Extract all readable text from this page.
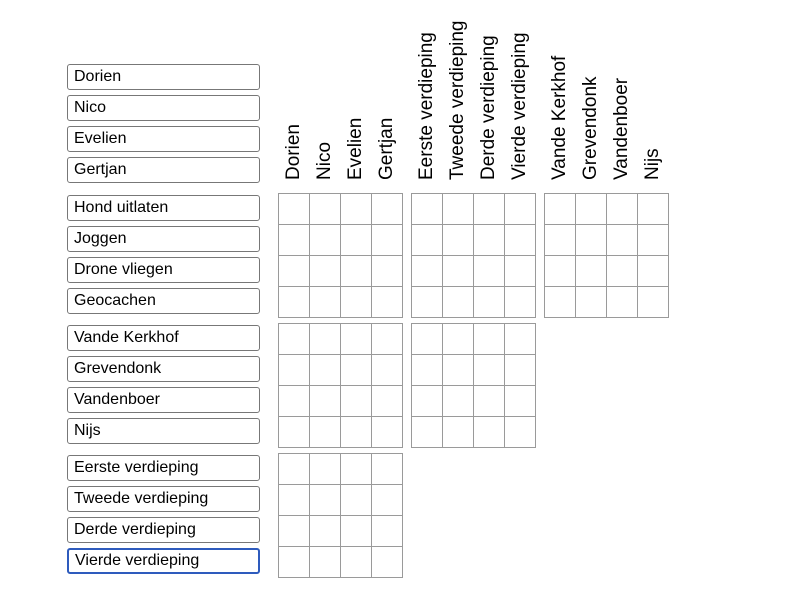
Dorien
Nico
Evelien
Gertjan	Dorien Nico Evelien Gertjan Eerste verdieping Tweede verdieping Derde verdieping Vierde verdieping Vande Kerkhof Grevendonk Vandenboer Nijs
Hond uitlaten
Joggen
Drone vliegen
Geocachen
Vande Kerkhof
Grevendonk
Vandenboer
Nijs
Eerste verdieping
Tweede verdieping
Derde verdieping
Vierde verdieping
